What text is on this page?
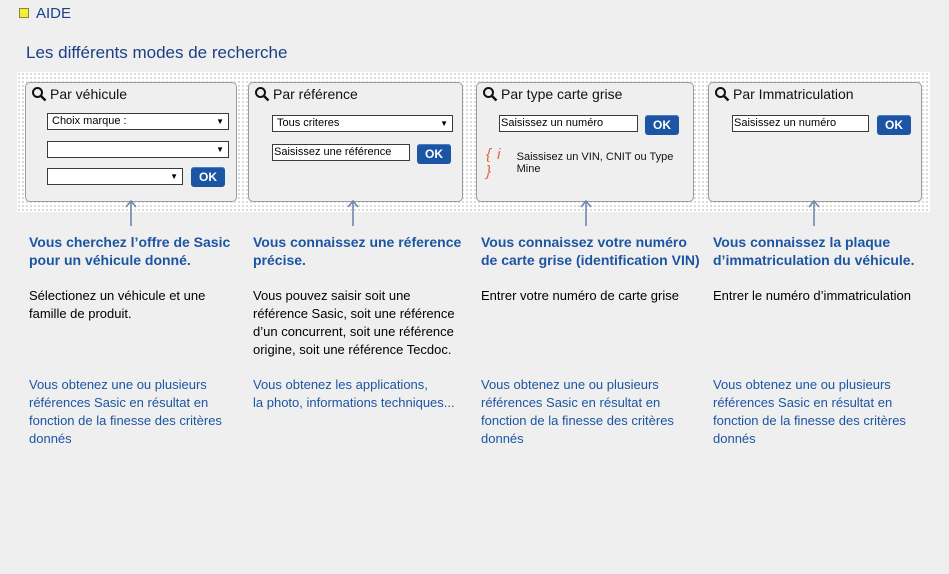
AIDE
Les différents modes de recherche
Par véhicule
Choix marque :	▼
▼
▼	OK
Par référence
Tous criteres	▼
Saisissez une référence	OK
Par type carte grise
Saisissez un numéro	OK
{ i }
Saissisez un VIN, CNIT ou Type Mine
Par Immatriculation
Saisissez un numéro	OK
Vous cherchez l’offre de Sasic
pour un véhicule donné.
Sélectionez un véhicule et une
famille de produit.
Vous obtenez une ou plusieurs
références Sasic en résultat en
fonction de la finesse des critères
donnés
Vous connaissez une réference
précise.
Vous pouvez saisir soit une
référence Sasic, soit une référence
d’un concurrent, soit une référence
origine, soit une référence Tecdoc.
Vous obtenez les applications,
la photo, informations techniques...
Vous connaissez votre numéro
de carte grise (identification VIN)
Entrer votre numéro de carte grise
Vous obtenez une ou plusieurs
références Sasic en résultat en
fonction de la finesse des critères
donnés
Vous connaissez la plaque
d’immatriculation du véhicule.
Entrer le numéro d’immatriculation
Vous obtenez une ou plusieurs
références Sasic en résultat en
fonction de la finesse des critères
donnés
